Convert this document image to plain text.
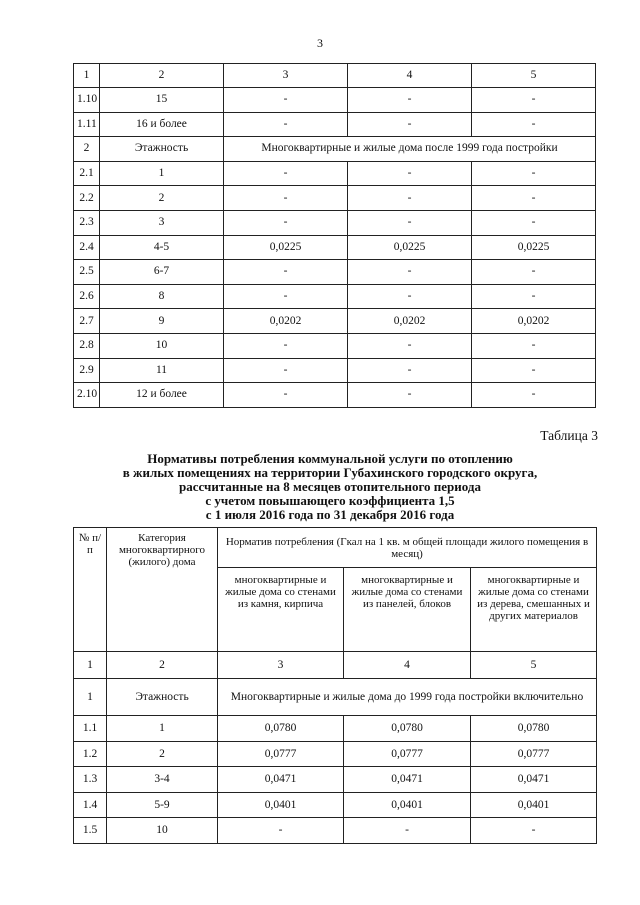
3
1	2	3	4	5
1.10	15	-	-	-
1.11	16 и более	-	-	-
2	Этажность	Многоквартирные и жилые дома после 1999 года постройки		
2.1	1	-	-	-
2.2	2	-	-	-
2.3	3	-	-	-
2.4	4-5	0,0225	0,0225	0,0225
2.5	6-7	-	-	-
2.6	8	-	-	-
2.7	9	0,0202	0,0202	0,0202
2.8	10	-	-	-
2.9	11	-	-	-
2.10	12 и более	-	-	-
Таблица 3
Нормативы потребления коммунальной услуги по отоплению
в жилых помещениях на территории Губахинского городского округа,
рассчитанные на 8 месяцев отопительного периода
с учетом повышающего коэффициента 1,5
с 1 июля 2016 года по 31 декабря 2016 года
№ п/п	Категория многоквартирного (жилого) дома	Норматив потребления (Гкал на 1 кв. м общей площади жилого помещения в месяц)		
		многоквартирные и жилые дома со стенами из камня, кирпича	многоквартирные и жилые дома со стенами из панелей, блоков	многоквартирные и жилые дома со стенами из дерева, смешанных и других материалов
1	2	3	4	5
1	Этажность	Многоквартирные и жилые дома до 1999 года постройки включительно		
1.1	1	0,0780	0,0780	0,0780
1.2	2	0,0777	0,0777	0,0777
1.3	3-4	0,0471	0,0471	0,0471
1.4	5-9	0,0401	0,0401	0,0401
1.5	10	-	-	-
